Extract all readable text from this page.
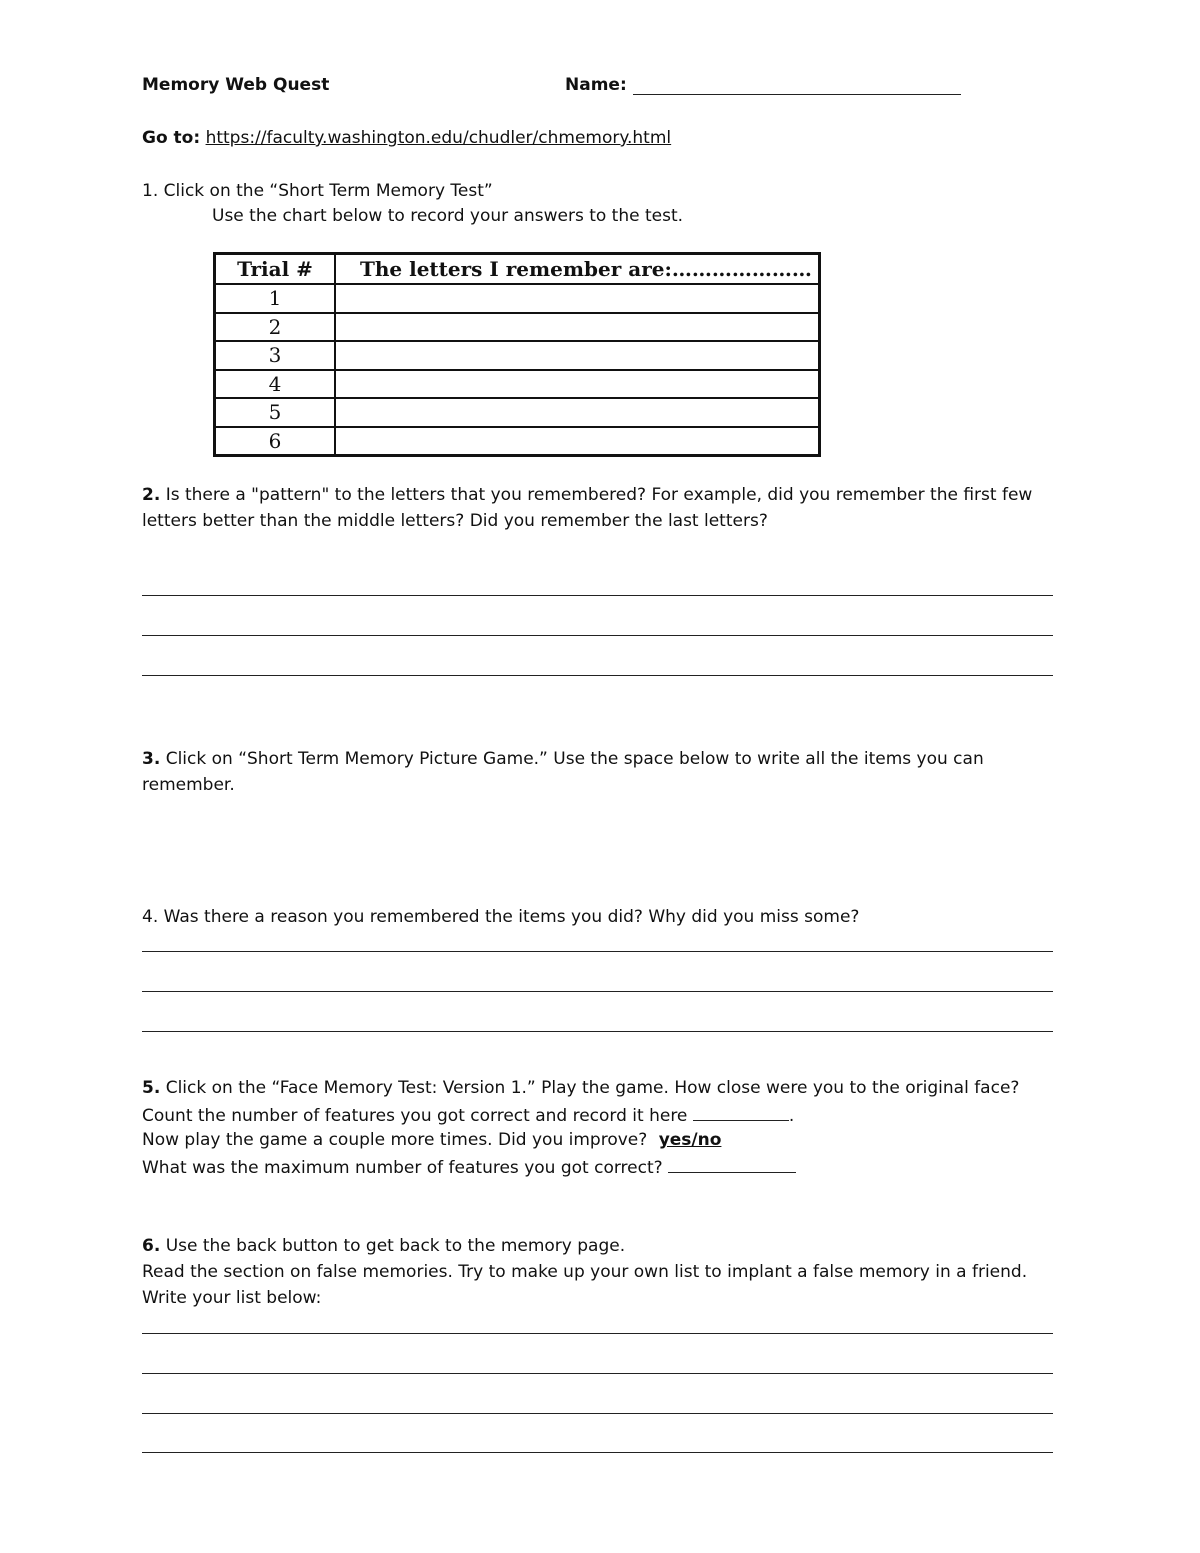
Memory Web Quest	Name:
Go to: https://faculty.washington.edu/chudler/chmemory.html
1. Click on the “Short Term Memory Test”
Use the chart below to record your answers to the test.
Trial #	The letters I remember are:…………………
1	
2	
3	
4	
5	
6	
2. Is there a "pattern" to the letters that you remembered? For example, did you remember the first few
letters better than the middle letters? Did you remember the last letters?
3. Click on “Short Term Memory Picture Game.” Use the space below to write all the items you can
remember.
4. Was there a reason you remembered the items you did? Why did you miss some?
5. Click on the “Face Memory Test: Version 1.” Play the game. How close were you to the original face?
Count the number of features you got correct and record it here	.
Now play the game a couple more times. Did you improve? yes/no
What was the maximum number of features you got correct?
6. Use the back button to get back to the memory page.
Read the section on false memories. Try to make up your own list to implant a false memory in a friend.
Write your list below:
